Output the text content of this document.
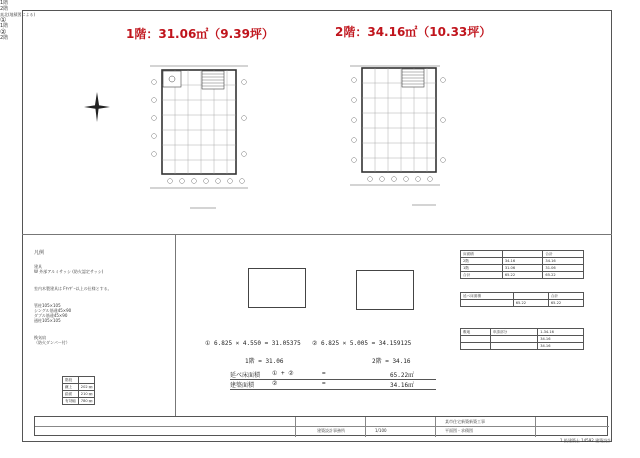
1階：31.06㎡（9.39坪）	2階：34.16㎡（10.33坪）
1階
2階
真北(地積図による)
凡例
建具
W 外部アルミサッシ (防火認定サッシ)
室内木製建具は Fｻｲｻﾞｰ以上の仕様とする。
管柱105×105
シングル筋違45×90
ダブル筋違45×90
通柱105×105
換気扇
（防火ダンパー付）
階段	
蹴上	202 ㎜
踏面	210 ㎜
有効幅	780 ㎜
①
1階
②
2階
① 6.825 × 4.550 = 31.05375 ② 6.825 × 5.005 = 34.159125
1階 = 31.06	2階 = 34.16
延べ床面積 ① + ②	=	65.22㎡
建築面積	②	=	34.16㎡
床面積		合計
2階	34.16	34.16
1階	31.06	31.06
合計	65.22	65.22
延べ床面積		合計
	65.22	65.22
敷地	申請部分	1.34.16
		34.16
		34.16
建築設計事務所	1/100
某市住宅新築新築工事
平面図・求積図
1 級建築士 14592 建築設計
